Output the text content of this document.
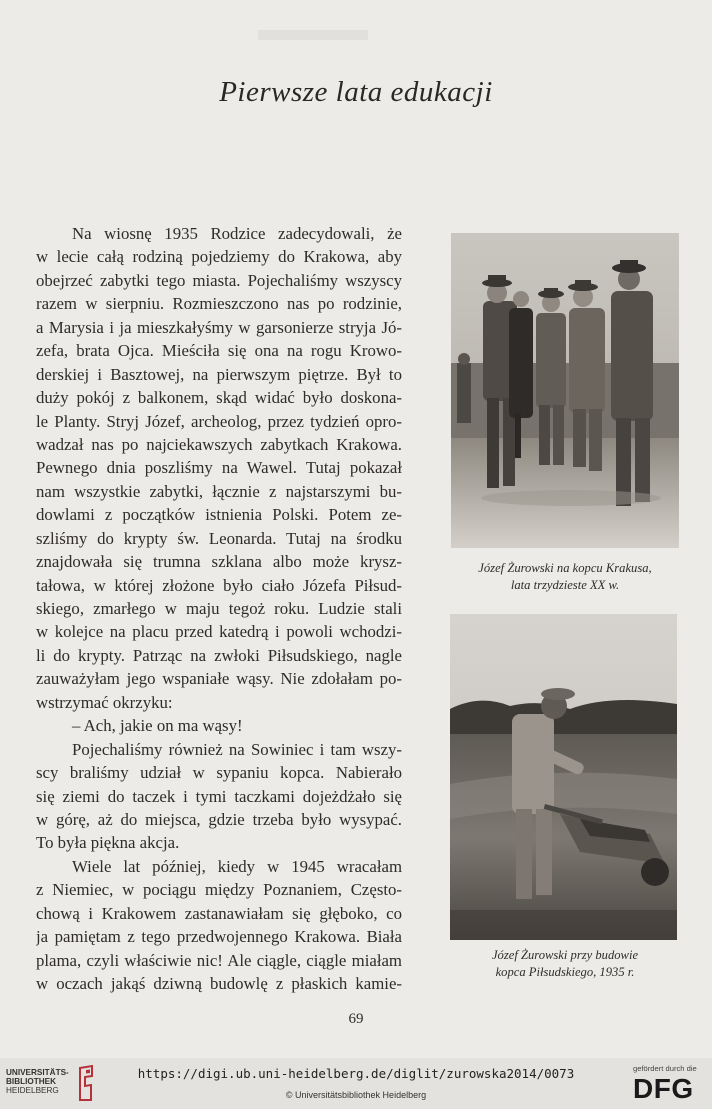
Pierwsze lata edukacji
Na wiosnę 1935 Rodzice zadecydowali, że
w lecie całą rodziną pojedziemy do Krakowa, aby
obejrzeć zabytki tego miasta. Pojechaliśmy wszyscy
razem w sierpniu. Rozmieszczono nas po rodzinie,
a Marysia i ja mieszkałyśmy w garsonierze stryja Jó-
zefa, brata Ojca. Mieściła się ona na rogu Krowo-
derskiej i Basztowej, na pierwszym piętrze. Był to
duży pokój z balkonem, skąd widać było doskona-
le Planty. Stryj Józef, archeolog, przez tydzień opro-
wadzał nas po najciekawszych zabytkach Krakowa.
Pewnego dnia poszliśmy na Wawel. Tutaj pokazał
nam wszystkie zabytki, łącznie z najstarszymi bu-
dowlami z początków istnienia Polski. Potem ze-
szliśmy do krypty św. Leonarda. Tutaj na środku
znajdowała się trumna szklana albo może krysz-
tałowa, w której złożone było ciało Józefa Piłsud-
skiego, zmarłego w maju tegoż roku. Ludzie stali
w kolejce na placu przed katedrą i powoli wchodzi-
li do krypty. Patrząc na zwłoki Piłsudskiego, nagle
zauważyłam jego wspaniałe wąsy. Nie zdołałam po-
wstrzymać okrzyku:
– Ach, jakie on ma wąsy!
Pojechaliśmy również na Sowiniec i tam wszy-
scy braliśmy udział w sypaniu kopca. Nabierało
się ziemi do taczek i tymi taczkami dojeżdżało się
w górę, aż do miejsca, gdzie trzeba było wysypać.
To była piękna akcja.
Wiele lat później, kiedy w 1945 wracałam
z Niemiec, w pociągu między Poznaniem, Często-
chową i Krakowem zastanawiałam się głęboko, co
ja pamiętam z tego przedwojennego Krakowa. Biała
plama, czyli właściwie nic! Ale ciągle, ciągle miałam
w oczach jakąś dziwną budowlę z płaskich kamie-
Józef Żurowski na kopcu Krakusa,
lata trzydzieste XX w.
Józef Żurowski przy budowie
kopca Piłsudskiego, 1935 r.
69
UNIVERSITÄTS-
BIBLIOTHEK
HEIDELBERG
https://digi.ub.uni-heidelberg.de/diglit/zurowska2014/0073
© Universitätsbibliothek Heidelberg
gefördert durch die
DFG
